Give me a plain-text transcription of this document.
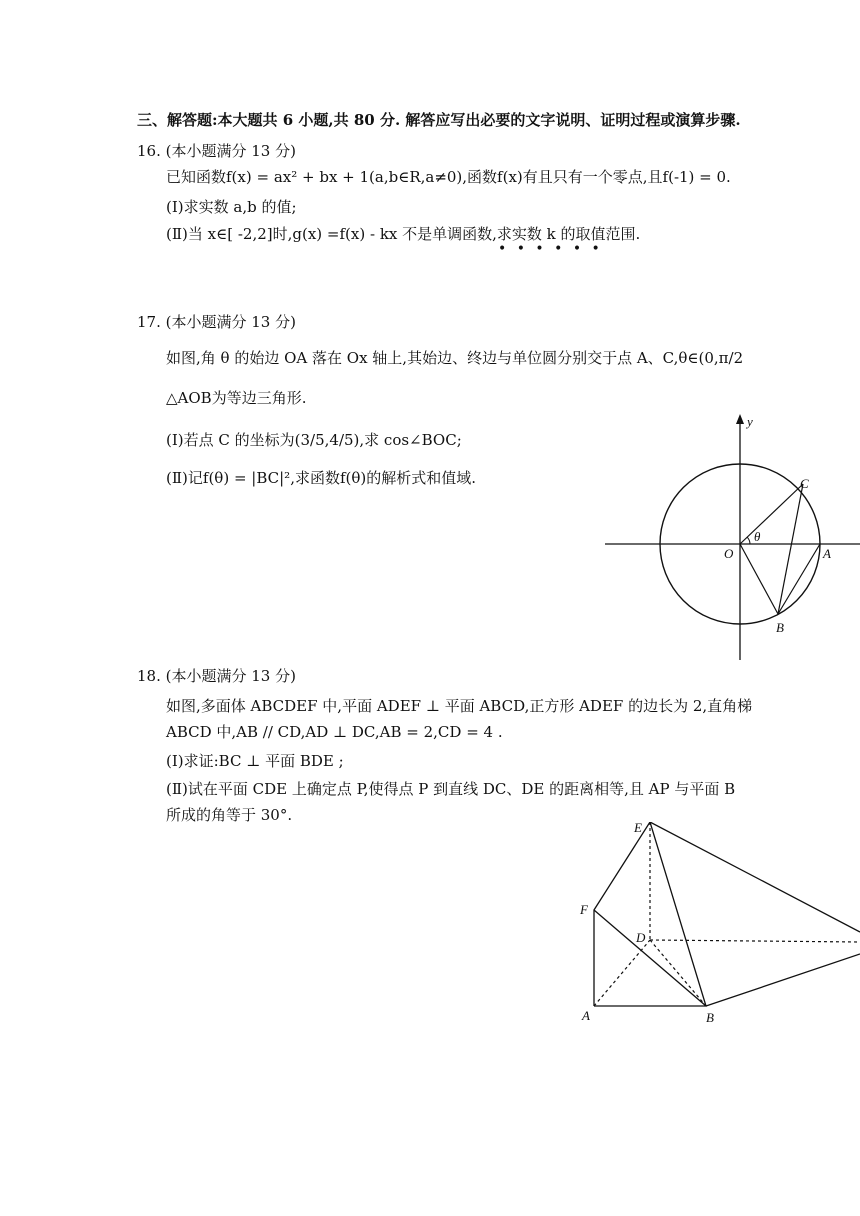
三、解答题:本大题共 6 小题,共 80 分. 解答应写出必要的文字说明、证明过程或演算步骤.
16. (本小题满分 13 分)
已知函数f(x) = ax² + bx + 1(a,b∈R,a≠0),函数f(x)有且只有一个零点,且f(-1) = 0.
(Ⅰ)求实数 a,b 的值;
(Ⅱ)当 x∈[ -2,2]时,g(x) =f(x) - kx 不是单调函数,求实数 k 的取值范围.
• • • • • •
17. (本小题满分 13 分)
如图,角 θ 的始边 OA 落在 Ox 轴上,其始边、终边与单位圆分别交于点 A、C,θ∈(0,π/2
△AOB为等边三角形.
(Ⅰ)若点 C 的坐标为(3/5,4/5),求 cos∠BOC;
(Ⅱ)记f(θ) = |BC|²,求函数f(θ)的解析式和值域.
y
C
θ
O	A
B
18. (本小题满分 13 分)
如图,多面体 ABCDEF 中,平面 ADEF ⊥ 平面 ABCD,正方形 ADEF 的边长为 2,直角梯
ABCD 中,AB // CD,AD ⊥ DC,AB = 2,CD = 4 .
(Ⅰ)求证:BC ⊥ 平面 BDE ;
(Ⅱ)试在平面 CDE 上确定点 P,使得点 P 到直线 DC、DE 的距离相等,且 AP 与平面 B
所成的角等于 30°.
E
F
D
A	B
